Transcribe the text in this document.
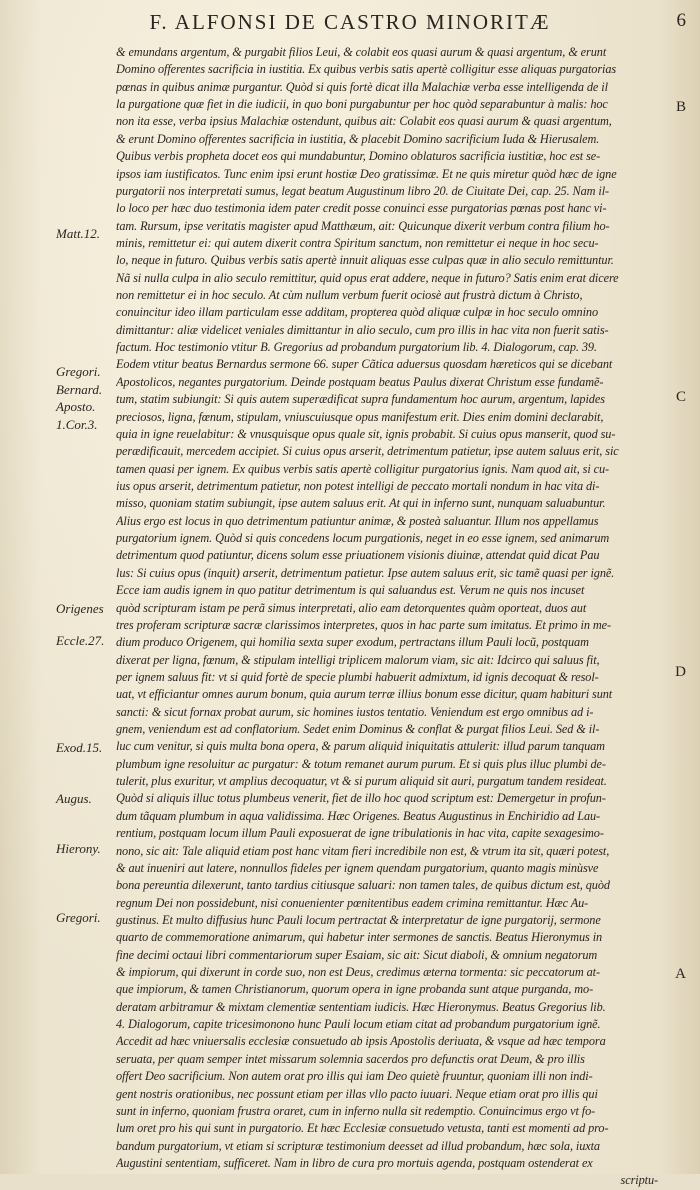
F. ALFONSI DE CASTRO MINORITÆ	6
Matt.12.
Gregori.
Bernard.
Aposto.
1.Cor.3.
Origenes
Eccle.27.
Exod.15.
Augus.
Hierony.
Gregori.
B
C
D
A
& emundans argentum, & purgabit filios Leui, & colabit eos quasi aurum & quasi argentum, & erunt
Domino offerentes sacrificia in iustitia. Ex quibus verbis satis apertè colligitur esse aliquas purgatorias
pœnas in quibus animæ purgantur. Quòd si quis fortè dicat illa Malachiæ verba esse intelligenda de il
la purgatione quæ fiet in die iudicii, in quo boni purgabuntur per hoc quòd separabuntur à malis: hoc
non ita esse, verba ipsius Malachiæ ostendunt, quibus ait: Colabit eos quasi aurum & quasi argentum,
& erunt Domino offerentes sacrificia in iustitia, & placebit Domino sacrificium Iuda & Hierusalem.
Quibus verbis propheta docet eos qui mundabuntur, Domino oblaturos sacrificia iustitiæ, hoc est se-
ipsos iam iustificatos. Tunc enim ipsi erunt hostiæ Deo gratissimæ. Et ne quis miretur quòd hæc de igne
purgatorii nos interpretati sumus, legat beatum Augustinum libro 20. de Ciuitate Dei, cap. 25. Nam il-
lo loco per hæc duo testimonia idem pater credit posse conuinci esse purgatorias pœnas post hanc vi-
tam. Rursum, ipse veritatis magister apud Matthæum, ait: Quicunque dixerit verbum contra filium ho-
minis, remittetur ei: qui autem dixerit contra Spiritum sanctum, non remittetur ei neque in hoc secu-
lo, neque in futuro. Quibus verbis satis apertè innuit aliquas esse culpas quæ in alio seculo remittuntur.
Nã si nulla culpa in alio seculo remittitur, quid opus erat addere, neque in futuro? Satis enim erat dicere
non remittetur ei in hoc seculo. At cùm nullum verbum fuerit ociosè aut frustrà dictum à Christo,
conuincitur ideo illam particulam esse additam, propterea quòd aliquæ culpæ in hoc seculo omnino
dimittantur: aliæ videlicet veniales dimittantur in alio seculo, cum pro illis in hac vita non fuerit satis-
factum. Hoc testimonio vtitur B. Gregorius ad probandum purgatorium lib. 4. Dialogorum, cap. 39.
Eodem vtitur beatus Bernardus sermone 66. super Cãtica aduersus quosdam hæreticos qui se dicebant
Apostolicos, negantes purgatorium. Deinde postquam beatus Paulus dixerat Christum esse fundamẽ-
tum, statim subiungit: Si quis autem superædificat supra fundamentum hoc aurum, argentum, lapides
preciosos, ligna, fœnum, stipulam, vniuscuiusque opus manifestum erit. Dies enim domini declarabit,
quia in igne reuelabitur: & vnusquisque opus quale sit, ignis probabit. Si cuius opus manserit, quod su-
perædificauit, mercedem accipiet. Si cuius opus arserit, detrimentum patietur, ipse autem saluus erit, sic
tamen quasi per ignem. Ex quibus verbis satis apertè colligitur purgatorius ignis. Nam quod ait, si cu-
ius opus arserit, detrimentum patietur, non potest intelligi de peccato mortali nondum in hac vita di-
misso, quoniam statim subiungit, ipse autem saluus erit. At qui in inferno sunt, nunquam saluabuntur.
Alius ergo est locus in quo detrimentum patiuntur animæ, & posteà saluantur. Illum nos appellamus
purgatorium ignem. Quòd si quis concedens locum purgationis, neget in eo esse ignem, sed animarum
detrimentum quod patiuntur, dicens solum esse priuationem visionis diuinæ, attendat quid dicat Pau
lus: Si cuius opus (inquit) arserit, detrimentum patietur. Ipse autem saluus erit, sic tamẽ quasi per ignẽ.
Ecce iam audis ignem in quo patitur detrimentum is qui saluandus est. Verum ne quis nos incuset
quòd scripturam istam pe perã simus interpretati, alio eam detorquentes quàm oporteat, duos aut
tres proferam scripturæ sacræ clarissimos interpretes, quos in hac parte sum imitatus. Et primo in me-
dium produco Origenem, qui homilia sexta super exodum, pertractans illum Pauli locũ, postquam
dixerat per ligna, fœnum, & stipulam intelligi triplicem malorum viam, sic ait: Idcirco qui saluus fit,
per ignem saluus fit: vt si quid fortè de specie plumbi habuerit admixtum, id ignis decoquat & resol-
uat, vt efficiantur omnes aurum bonum, quia aurum terræ illius bonum esse dicitur, quam habituri sunt
sancti: & sicut fornax probat aurum, sic homines iustos tentatio. Veniendum est ergo omnibus ad i-
gnem, veniendum est ad conflatorium. Sedet enim Dominus & conflat & purgat filios Leui. Sed & il-
luc cum venitur, si quis multa bona opera, & parum aliquid iniquitatis attulerit: illud parum tanquam
plumbum igne resoluitur ac purgatur: & totum remanet aurum purum. Et si quis plus illuc plumbi de-
tulerit, plus exuritur, vt amplius decoquatur, vt & si purum aliquid sit auri, purgatum tandem resideat.
Quòd si aliquis illuc totus plumbeus venerit, fiet de illo hoc quod scriptum est: Demergetur in profun-
dum tãquam plumbum in aqua validissima. Hæc Origenes. Beatus Augustinus in Enchiridio ad Lau-
rentium, postquam locum illum Pauli exposuerat de igne tribulationis in hac vita, capite sexagesimo-
nono, sic ait: Tale aliquid etiam post hanc vitam fieri incredibile non est, & vtrum ita sit, quæri potest,
& aut inueniri aut latere, nonnullos fideles per ignem quendam purgatorium, quanto magis minùsve
bona pereuntia dilexerunt, tanto tardius citiusque saluari: non tamen tales, de quibus dictum est, quòd
regnum Dei non possidebunt, nisi conuenienter pœnitentibus eadem crimina remittantur. Hæc Au-
gustinus. Et multo diffusius hunc Pauli locum pertractat & interpretatur de igne purgatorij, sermone
quarto de commemoratione animarum, qui habetur inter sermones de sanctis. Beatus Hieronymus in
fine decimi octaui libri commentariorum super Esaiam, sic ait: Sicut diaboli, & omnium negatorum
& impiorum, qui dixerunt in corde suo, non est Deus, credimus æterna tormenta: sic peccatorum at-
que impiorum, & tamen Christianorum, quorum opera in igne probanda sunt atque purganda, mo-
deratam arbitramur & mixtam clementiæ sententiam iudicis. Hæc Hieronymus. Beatus Gregorius lib.
4. Dialogorum, capite tricesimonono hunc Pauli locum etiam citat ad probandum purgatorium ignẽ.
Accedit ad hæc vniuersalis ecclesiæ consuetudo ab ipsis Apostolis deriuata, & vsque ad hæc tempora
seruata, per quam semper intet missarum solemnia sacerdos pro defunctis orat Deum, & pro illis
offert Deo sacrificium. Non autem orat pro illis qui iam Deo quietè fruuntur, quoniam illi non indi-
gent nostris orationibus, nec possunt etiam per illas vllo pacto iuuari. Neque etiam orat pro illis qui
sunt in inferno, quoniam frustra oraret, cum in inferno nulla sit redemptio. Conuincimus ergo vt fo-
lum oret pro his qui sunt in purgatorio. Et hæc Ecclesiæ consuetudo vetusta, tanti est momenti ad pro-
bandum purgatorium, vt etiam si scripturæ testimonium deesset ad illud probandum, hæc sola, iuxta
Augustini sententiam, sufficeret. Nam in libro de cura pro mortuis agenda, postquam ostenderat ex
scriptu-
